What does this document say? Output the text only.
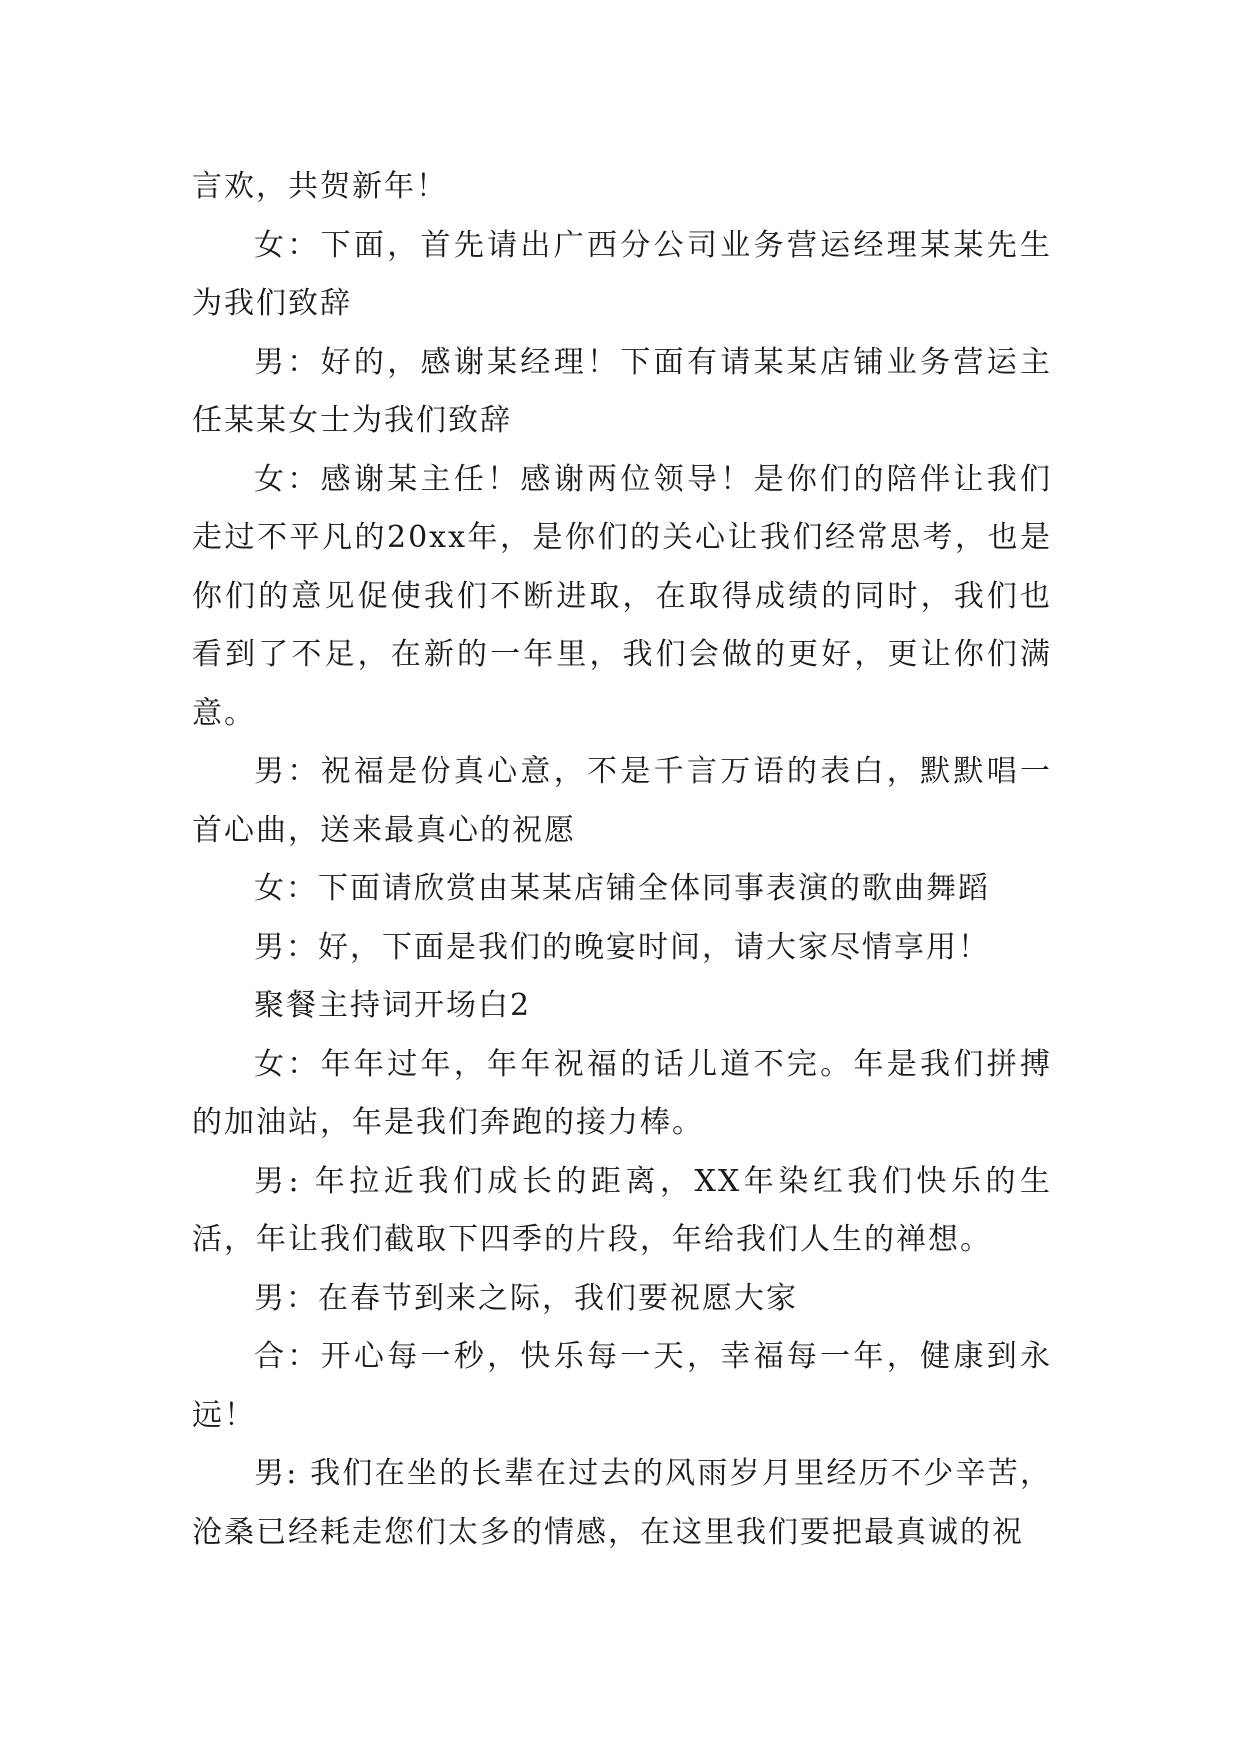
言欢，共贺新年！

女：下面，首先请出广西分公司业务营运经理某某先生为我们致辞

男：好的，感谢某经理！下面有请某某店铺业务营运主任某某女士为我们致辞

女：感谢某主任！感谢两位领导！是你们的陪伴让我们走过不平凡的20xx年，是你们的关心让我们经常思考，也是你们的意见促使我们不断进取，在取得成绩的同时，我们也看到了不足，在新的一年里，我们会做的更好，更让你们满意。

男：祝福是份真心意，不是千言万语的表白，默默唱一首心曲，送来最真心的祝愿

女：下面请欣赏由某某店铺全体同事表演的歌曲舞蹈

男：好，下面是我们的晚宴时间，请大家尽情享用！

聚餐主持词开场白2

女：年年过年，年年祝福的话儿道不完。年是我们拼搏的加油站，年是我们奔跑的接力棒。

男: 年拉近我们成长的距离，XX年染红我们快乐的生活，年让我们截取下四季的片段，年给我们人生的禅想。

男：在春节到来之际，我们要祝愿大家

合：开心每一秒，快乐每一天，幸福每一年，健康到永远！

男: 我们在坐的长辈在过去的风雨岁月里经历不少辛苦，沧桑已经耗走您们太多的情感，在这里我们要把最真诚的祝
